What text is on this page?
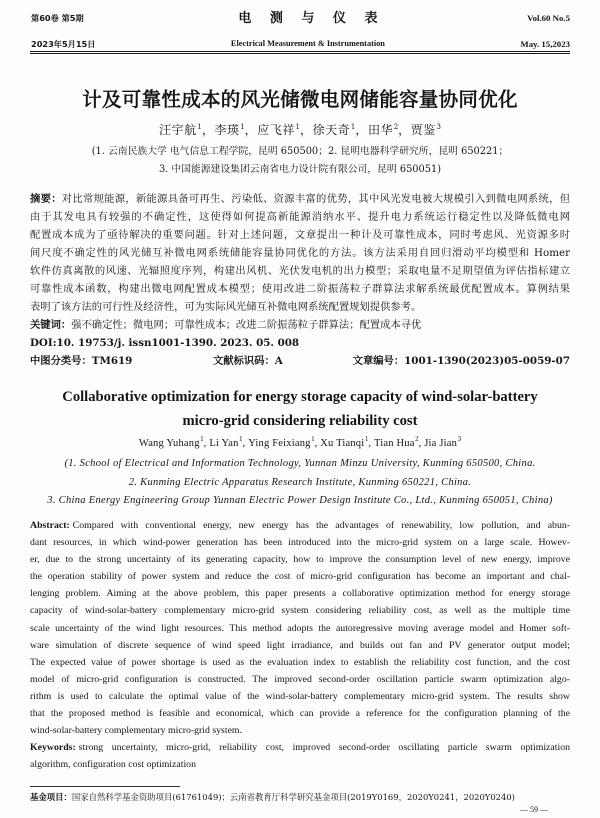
第60卷 第5期
2023年5月15日
电 测 与 仪 表
Electrical Measurement & Instrumentation
Vol.60 No.5
May. 15,2023
计及可靠性成本的风光储微电网储能容量协同优化
汪宇航$^1$ ， 李瑛$^1$ ， 应飞祥$^1$ ， 徐天奇$^1$ ， 田华$^2$ ， 贾鉴$^3$
(1. 云南民族大学 电气信息工程学院，昆明 650500；2. 昆明电器科学研究所，昆明 650221；
3. 中国能源建设集团云南省电力设计院有限公司，昆明 650051)
摘要：对比常规能源，新能源具备可再生、污染低、资源丰富的优势，其中风光发电被大规模引入到微电网系统，但
由于其发电具有较强的不确定性，这使得如何提高新能源消纳水平、提升电力系统运行稳定性以及降低微电网
配置成本成为了亟待解决的重要问题。针对上述问题，文章提出一种计及可靠性成本，同时考虑风、光资源多时
间尺度不确定性的风光储互补微电网系统储能容量协同优化的方法。该方法采用自回归滑动平均模型和 Homer
软件仿真离散的风速、光辐照度序列，构建出风机、光伏发电机的出力模型；采取电量不足期望值为评估指标建立
可靠性成本函数，构建出微电网配置成本模型；使用改进二阶振荡粒子群算法求解系统最优配置成本。算例结果
表明了该方法的可行性及经济性，可为实际风光储互补微电网系统配置规划提供参考。
关键词：强不确定性；微电网；可靠性成本；改进二阶振荡粒子群算法；配置成本寻优
DOI:10. 19753/j. issn1001-1390. 2023. 05. 008
中图分类号：TM619	文献标识码：A	文章编号：1001-1390(2023)05-0059-07
Collaborative optimization for energy storage capacity of wind-solar-battery
micro-grid considering reliability cost
Wang Yuhang$^1$ , Li Yan$^1$ , Ying Feixiang$^1$ , Xu Tianqi$^1$ , Tian Hua$^2$ , Jia Jian$^3$
(1. School of Electrical and Information Technology, Yunnan Minzu University, Kunming 650500, China.
2. Kunming Electric Apparatus Research Institute, Kunming 650221, China.
3. China Energy Engineering Group Yunnan Electric Power Design Institute Co., Ltd., Kunming 650051, China)
Abstract: Compared with conventional energy, new energy has the advantages of renewability, low pollution, and abun-
dant resources, in which wind-power generation has been introduced into the micro-grid system on a large scale. Howev-
er, due to the strong uncertainty of its generating capacity, how to improve the consumption level of new energy, improve
the operation stability of power system and reduce the cost of micro-grid configuration has become an important and chal-
lenging problem. Aiming at the above problem, this paper presents a collaborative optimization method for energy storage
capacity of wind-solar-battery complementary micro-grid system considering reliability cost, as well as the multiple time
scale uncertainty of the wind light resources. This method adopts the autoregressive moving average model and Homer soft-
ware simulation of discrete sequence of wind speed light irradiance, and builds out fan and PV generator output model;
The expected value of power shortage is used as the evaluation index to establish the reliability cost function, and the cost
model of micro-grid configuration is constructed. The improved second-order oscillation particle swarm optimization algo-
rithm is used to calculate the optimal value of the wind-solar-battery complementary micro-grid system. The results show
that the proposed method is feasible and economical, which can provide a reference for the configuration planning of the
wind-solar-battery complementary micro-grid system.
Keywords: strong uncertainty, micro-grid, reliability cost, improved second-order oscillating particle swarm optimization
algorithm, configuration cost optimization
基金项目：国家自然科学基金资助项目(61761049)；云南省教育厅科学研究基金项目(2019Y0169，2020Y0241，2020Y0240)
— 59 —
